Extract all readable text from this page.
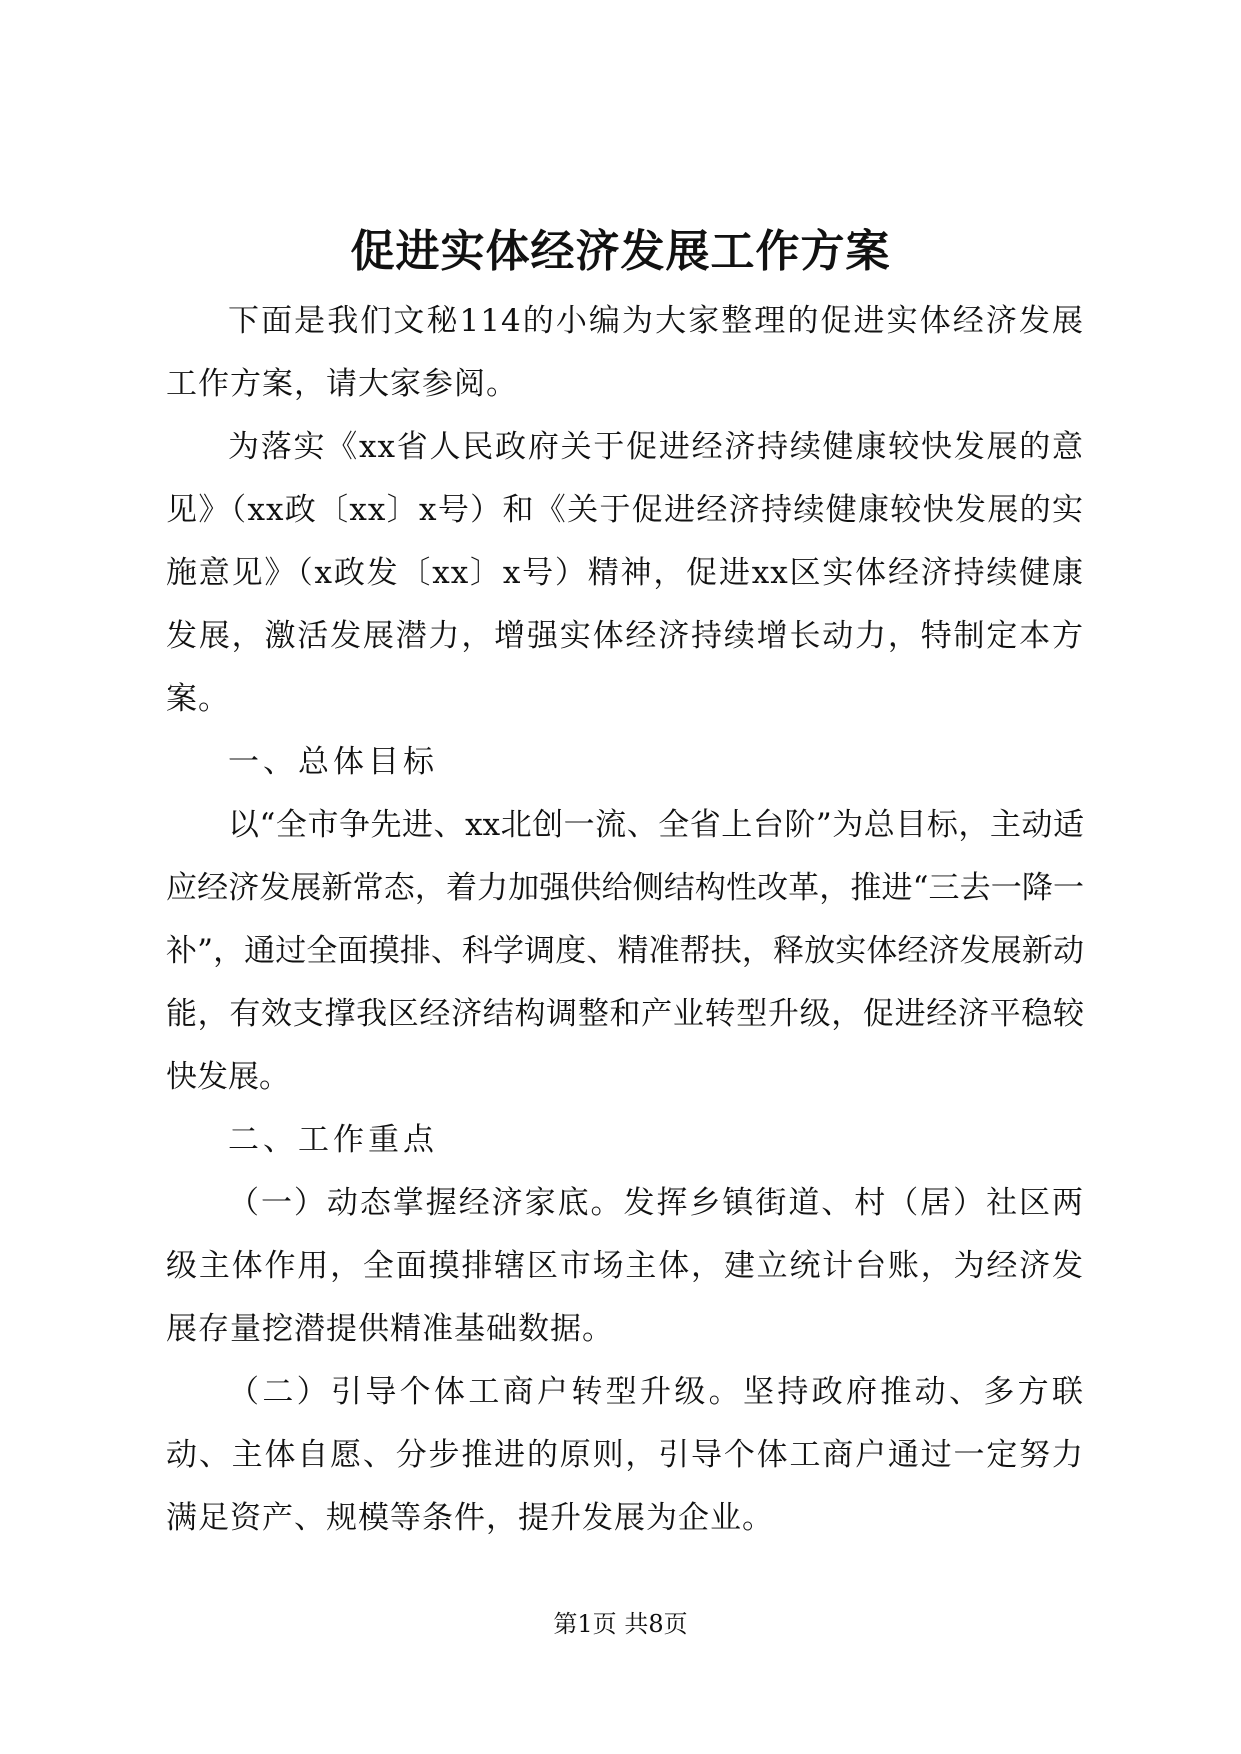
促进实体经济发展工作方案

下面是我们文秘114的小编为大家整理的促进实体经济发展工作方案，请大家参阅。

为落实《xx省人民政府关于促进经济持续健康较快发展的意见》（xx政〔xx〕x号）和《关于促进经济持续健康较快发展的实施意见》（x政发〔xx〕x号）精神，促进xx区实体经济持续健康发展，激活发展潜力，增强实体经济持续增长动力，特制定本方案。

一、总体目标

以“全市争先进、xx北创一流、全省上台阶”为总目标，主动适应经济发展新常态，着力加强供给侧结构性改革，推进“三去一降一补”，通过全面摸排、科学调度、精准帮扶，释放实体经济发展新动能，有效支撑我区经济结构调整和产业转型升级，促进经济平稳较快发展。

二、工作重点

（一）动态掌握经济家底。发挥乡镇街道、村（居）社区两级主体作用，全面摸排辖区市场主体，建立统计台账，为经济发展存量挖潜提供精准基础数据。

（二）引导个体工商户转型升级。坚持政府推动、多方联动、主体自愿、分步推进的原则，引导个体工商户通过一定努力满足资产、规模等条件，提升发展为企业。

第1页 共8页
